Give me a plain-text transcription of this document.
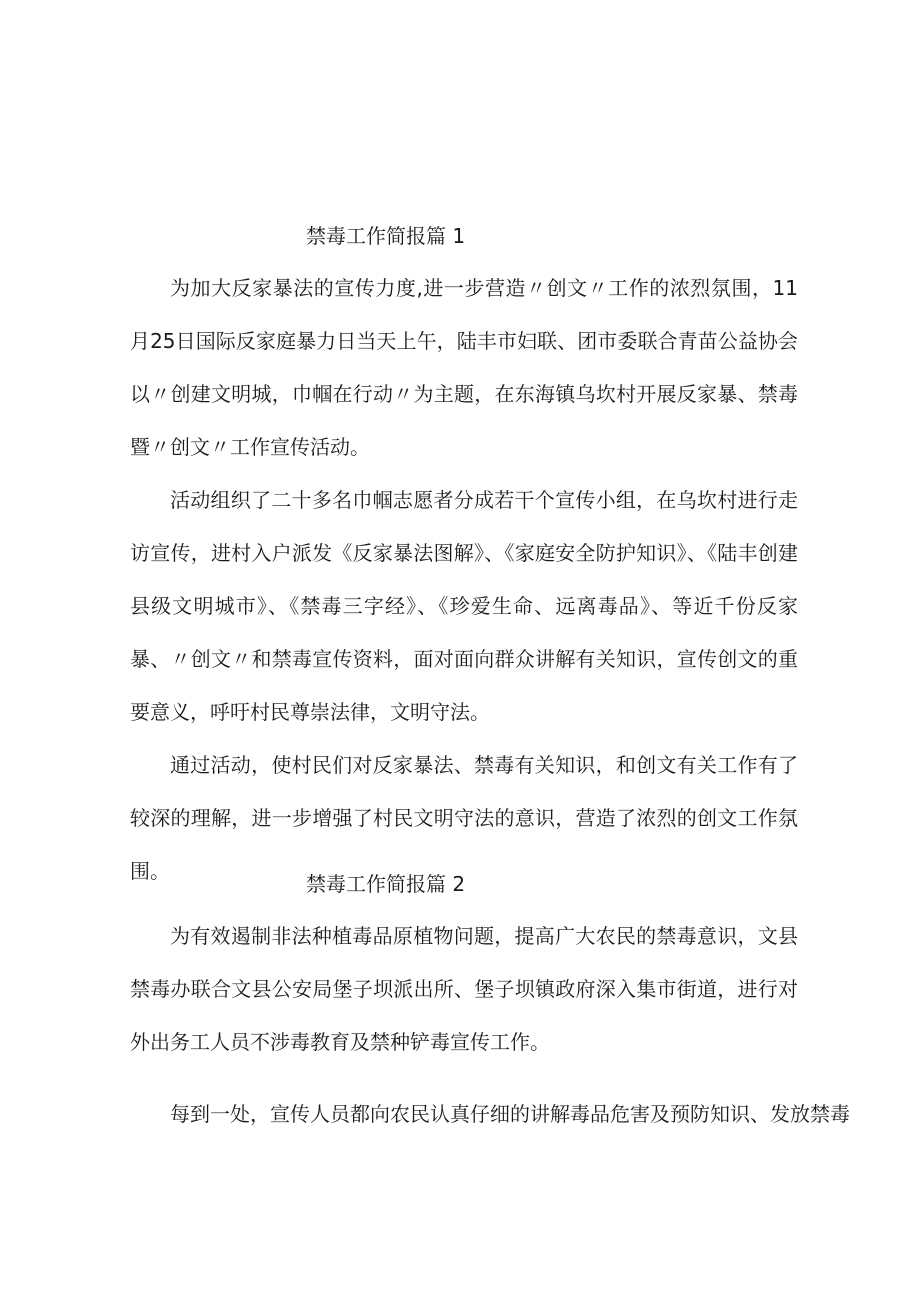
禁毒工作简报篇 1

为加大反家暴法的宣传力度,进一步营造〃创文〃工作的浓烈氛围，11月25日国际反家庭暴力日当天上午，陆丰市妇联、团市委联合青苗公益协会以〃创建文明城，巾帼在行动〃为主题，在东海镇乌坎村开展反家暴、禁毒暨〃创文〃工作宣传活动。

活动组织了二十多名巾帼志愿者分成若干个宣传小组，在乌坎村进行走访宣传，进村入户派发《反家暴法图解》、《家庭安全防护知识》、《陆丰创建县级文明城市》、《禁毒三字经》、《珍爱生命、远离毒品》、等近千份反家暴、〃创文〃和禁毒宣传资料，面对面向群众讲解有关知识，宣传创文的重要意义，呼吁村民尊崇法律，文明守法。

通过活动，使村民们对反家暴法、禁毒有关知识，和创文有关工作有了较深的理解，进一步增强了村民文明守法的意识，营造了浓烈的创文工作氛围。

禁毒工作简报篇 2

为有效遏制非法种植毒品原植物问题，提高广大农民的禁毒意识，文县禁毒办联合文县公安局堡子坝派出所、堡子坝镇政府深入集市街道，进行对外出务工人员不涉毒教育及禁种铲毒宣传工作。

每到一处，宣传人员都向农民认真仔细的讲解毒品危害及预防知识、发放禁毒
